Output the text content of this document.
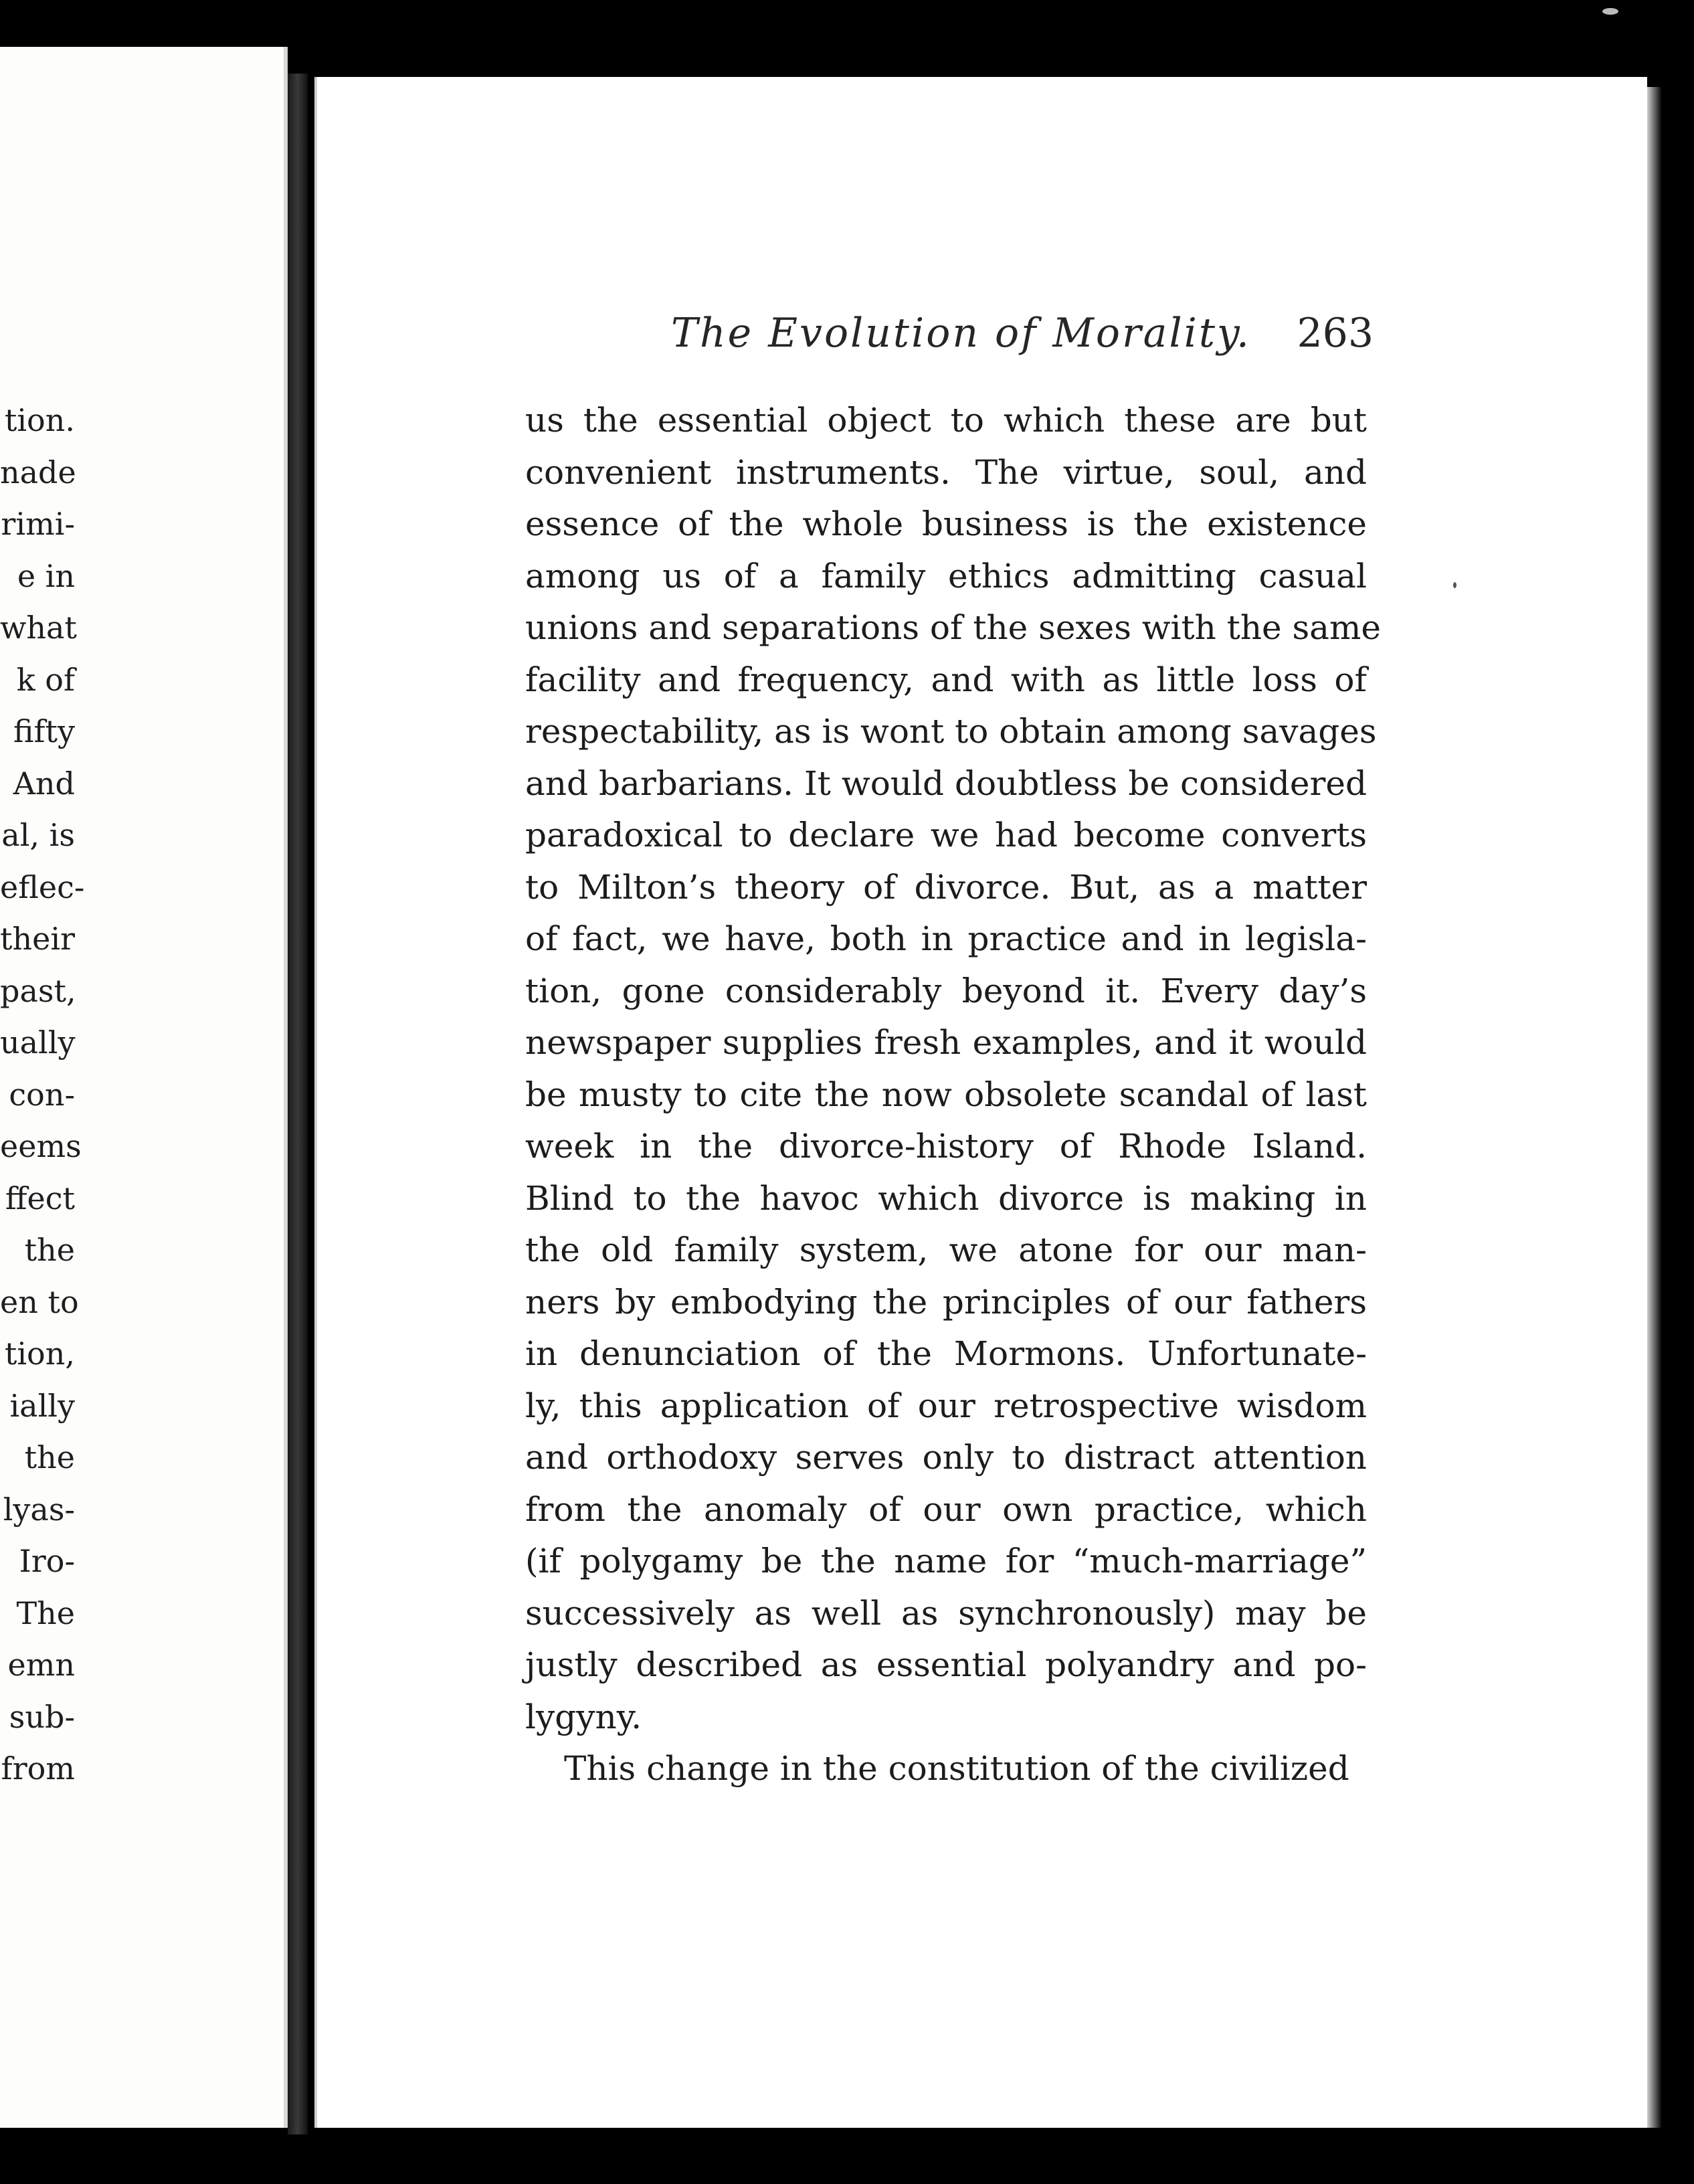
tion.
nade
rimi-
e in
what
k of
fifty
And
al, is
eflec-
their
past,
ually
con-
eems
ffect
the
en to
tion,
ially
the
lyas-
Iro-
The
emn
sub-
from
The Evolution of Morality. 263

us the essential object to which these are but
convenient instruments. The virtue, soul, and
essence of the whole business is the existence
among us of a family ethics admitting casual
unions and separations of the sexes with the same
facility and frequency, and with as little loss of
respectability, as is wont to obtain among savages
and barbarians. It would doubtless be considered
paradoxical to declare we had become converts
to Milton’s theory of divorce. But, as a matter
of fact, we have, both in practice and in legisla-
tion, gone considerably beyond it. Every day’s
newspaper supplies fresh examples, and it would
be musty to cite the now obsolete scandal of last
week in the divorce-history of Rhode Island.
Blind to the havoc which divorce is making in
the old family system, we atone for our man-
ners by embodying the principles of our fathers
in denunciation of the Mormons. Unfortunate-
ly, this application of our retrospective wisdom
and orthodoxy serves only to distract attention
from the anomaly of our own practice, which
(if polygamy be the name for “much-marriage”
successively as well as synchronously) may be
justly described as essential polyandry and po-
lygyny.

This change in the constitution of the civilized
